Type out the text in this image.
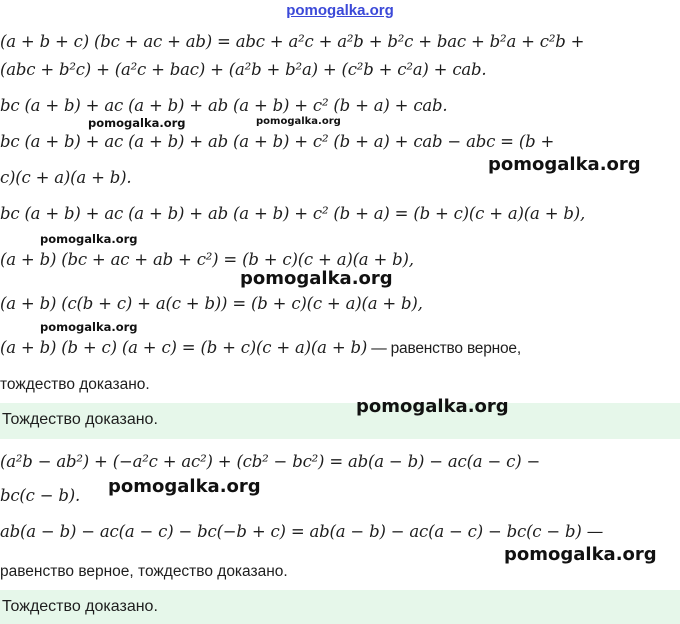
pomogalka.org
(a + b + c) (bc + ac + ab) = abc + a²c + a²b + b²c + bac + b²a + c²b +
(abc + b²c) + (a²c + bac) + (a²b + b²a) + (c²b + c²a) + cab.
bc (a + b) + ac (a + b) + ab (a + b) + c² (b + a) + cab.
bc (a + b) + ac (a + b) + ab (a + b) + c² (b + a) + cab − abc = (b +
c)(c + a)(a + b).
bc (a + b) + ac (a + b) + ab (a + b) + c² (b + a) = (b + c)(c + a)(a + b),
(a + b) (bc + ac + ab + c²) = (b + c)(c + a)(a + b),
(a + b) (c(b + c) + a(c + b)) = (b + c)(c + a)(a + b),
(a + b) (b + c) (a + c) = (b + c)(c + a)(a + b) — равенство верное,
тождество доказано.
Тождество доказано.
(a²b − ab²) + (−a²c + ac²) + (cb² − bc²) = ab(a − b) − ac(a − c) −
bc(c − b).
ab(a − b) − ac(a − c) − bc(−b + c) = ab(a − b) − ac(a − c) − bc(c − b) —
равенство верное, тождество доказано.
Тождество доказано.
pomogalka.org	pomogalka.org
pomogalka.org
pomogalka.org
pomogalka.org
pomogalka.org
pomogalka.org
pomogalka.org
pomogalka.org
